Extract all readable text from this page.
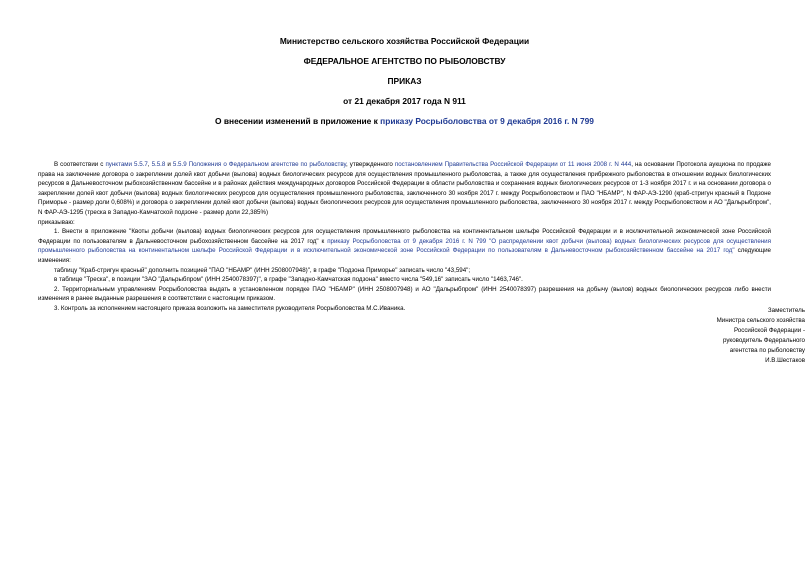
Министерство сельского хозяйства Российской Федерации
ФЕДЕРАЛЬНОЕ АГЕНТСТВО ПО РЫБОЛОВСТВУ
ПРИКАЗ
от 21 декабря 2017 года N 911
О внесении изменений в приложение к приказу Росрыболовства от 9 декабря 2016 г. N 799

В соответствии с пунктами 5.5.7, 5.5.8 и 5.5.9 Положения о Федеральном агентстве по рыболовству, утвержденного постановлением Правительства Российской Федерации от 11 июня 2008 г. N 444, на основании Протокола аукциона по продаже права на заключение договора о закреплении долей квот добычи (вылова) водных биологических ресурсов для осуществления промышленного рыболовства, а также для осуществления прибрежного рыболовства в отношении водных биологических ресурсов в Дальневосточном рыбохозяйственном бассейне и в районах действия международных договоров Российской Федерации в области рыболовства и сохранения водных биологических ресурсов от 1-3 ноября 2017 г. и на основании договора о закреплении долей квот добычи (вылова) водных биологических ресурсов для осуществления промышленного рыболовства, заключенного 30 ноября 2017 г. между Росрыболовством и ПАО "НБАМР", N ФАР-АЭ-1290 (краб-стригун красный в Подзоне Приморье - размер доли 0,608%) и договора о закреплении долей квот добычи (вылова) водных биологических ресурсов для осуществления промышленного рыболовства, заключенного 30 ноября 2017 г. между Росрыболовством и АО "Дальрыбпром", N ФАР-АЭ-1295 (треска в Западно-Камчатской подзоне - размер доли 22,385%)

приказываю:

1. Внести в приложение "Квоты добычи (вылова) водных биологических ресурсов для осуществления промышленного рыболовства на континентальном шельфе Российской Федерации и в исключительной экономической зоне Российской Федерации по пользователям в Дальневосточном рыбохозяйственном бассейне на 2017 год" к приказу Росрыболовства от 9 декабря 2016 г. N 799 "О распределении квот добычи (вылова) водных биологических ресурсов для осуществления промышленного рыболовства на континентальном шельфе Российской Федерации и в исключительной экономической зоне Российской Федерации по пользователям в Дальневосточном рыбохозяйственном бассейне на 2017 год" следующие изменения:

таблицу "Краб-стригун красный" дополнить позицией "ПАО "НБАМР" (ИНН 2508007948)", в графе "Подзона Приморье" записать число "43,594";

в таблице "Треска", в позиции "ЗАО "Дальрыбпром" (ИНН 2540078397)", в графе "Западно-Камчатская подзона" вместо числа "549,16" записать число "1463,746".

2. Территориальным управлениям Росрыболовства выдать в установленном порядке ПАО "НБАМР" (ИНН 2508007948) и АО "Дальрыбпром" (ИНН 2540078397) разрешения на добычу (вылов) водных биологических ресурсов либо внести изменения в ранее выданные разрешения в соответствии с настоящим приказом.

3. Контроль за исполнением настоящего приказа возложить на заместителя руководителя Росрыболовства М.С.Иваника.	Заместитель
Министра сельского хозяйства
Российской Федерации -
руководитель Федерального
агентства по рыболовству
И.В.Шестаков
